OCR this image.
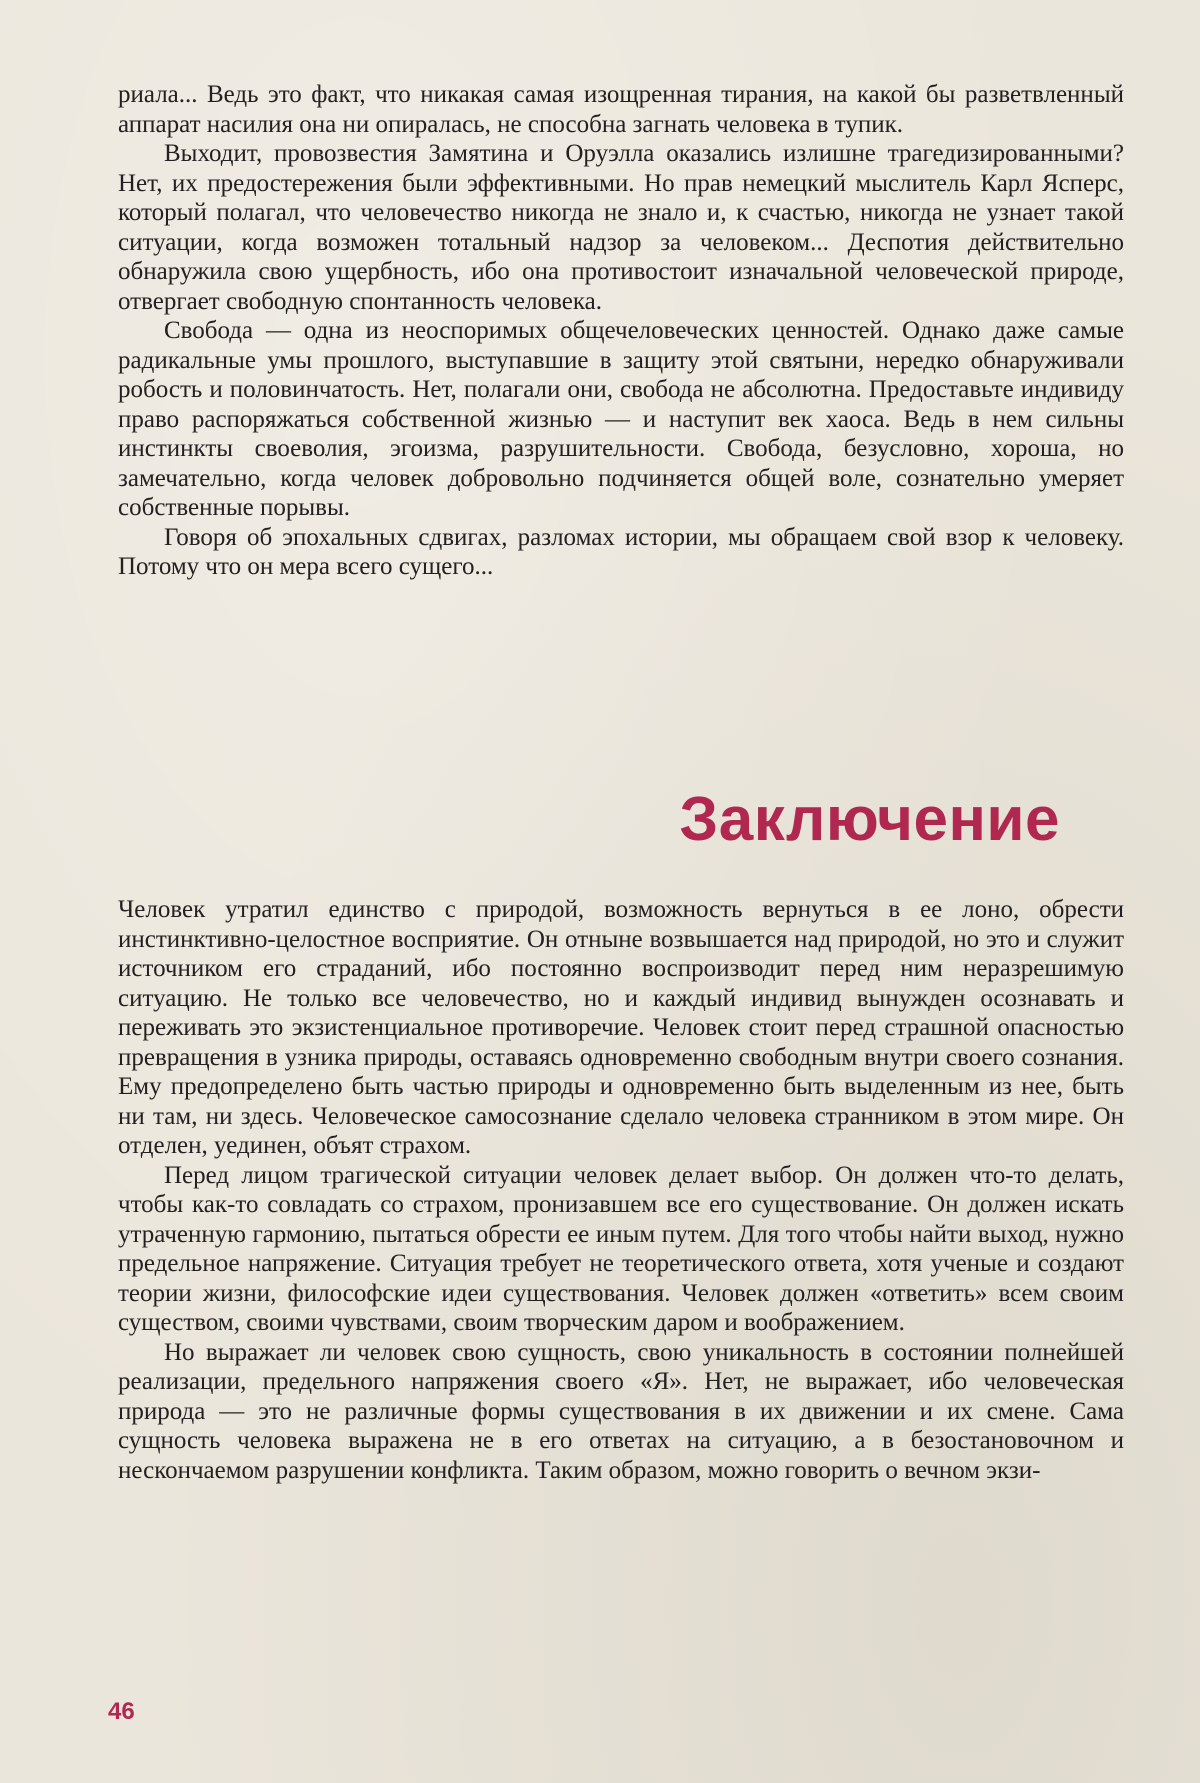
риала... Ведь это факт, что никакая самая изощренная тирания, на какой бы разветвленный аппарат насилия она ни опиралась, не способна загнать человека в тупик.

Выходит, провозвестия Замятина и Оруэлла оказались излишне трагедизированными? Нет, их предостережения были эффективными. Но прав немецкий мыслитель Карл Ясперс, который полагал, что человечество никогда не знало и, к счастью, никогда не узнает такой ситуации, когда возможен тотальный надзор за человеком... Деспотия действительно обнаружила свою ущербность, ибо она противостоит изначальной человеческой природе, отвергает свободную спонтанность человека.

Свобода — одна из неоспоримых общечеловеческих ценностей. Однако даже самые радикальные умы прошлого, выступавшие в защиту этой святыни, нередко обнаруживали робость и половинчатость. Нет, полагали они, свобода не абсолютна. Предоставьте индивиду право распоряжаться собственной жизнью — и наступит век хаоса. Ведь в нем сильны инстинкты своеволия, эгоизма, разрушительности. Свобода, безусловно, хороша, но замечательно, когда человек добровольно подчиняется общей воле, сознательно умеряет собственные порывы.

Говоря об эпохальных сдвигах, разломах истории, мы обращаем свой взор к человеку. Потому что он мера всего сущего...

Заключение

Человек утратил единство с природой, возможность вернуться в ее лоно, обрести инстинктивно-целостное восприятие. Он отныне возвышается над природой, но это и служит источником его страданий, ибо постоянно воспроизводит перед ним неразрешимую ситуацию. Не только все человечество, но и каждый индивид вынужден осознавать и переживать это экзистенциальное противоречие. Человек стоит перед страшной опасностью превращения в узника природы, оставаясь одновременно свободным внутри своего сознания. Ему предопределено быть частью природы и одновременно быть выделенным из нее, быть ни там, ни здесь. Человеческое самосознание сделало человека странником в этом мире. Он отделен, уединен, объят страхом.

Перед лицом трагической ситуации человек делает выбор. Он должен что-то делать, чтобы как-то совладать со страхом, пронизавшем все его существование. Он должен искать утраченную гармонию, пытаться обрести ее иным путем. Для того чтобы найти выход, нужно предельное напряжение. Ситуация требует не теоретического ответа, хотя ученые и создают теории жизни, философские идеи существования. Человек должен «ответить» всем своим существом, своими чувствами, своим творческим даром и воображением.

Но выражает ли человек свою сущность, свою уникальность в состоянии полнейшей реализации, предельного напряжения своего «Я». Нет, не выражает, ибо человеческая природа — это не различные формы существования в их движении и их смене. Сама сущность человека выражена не в его ответах на ситуацию, а в безостановочном и нескончаемом разрушении конфликта. Таким образом, можно говорить о вечном экзи-

46
